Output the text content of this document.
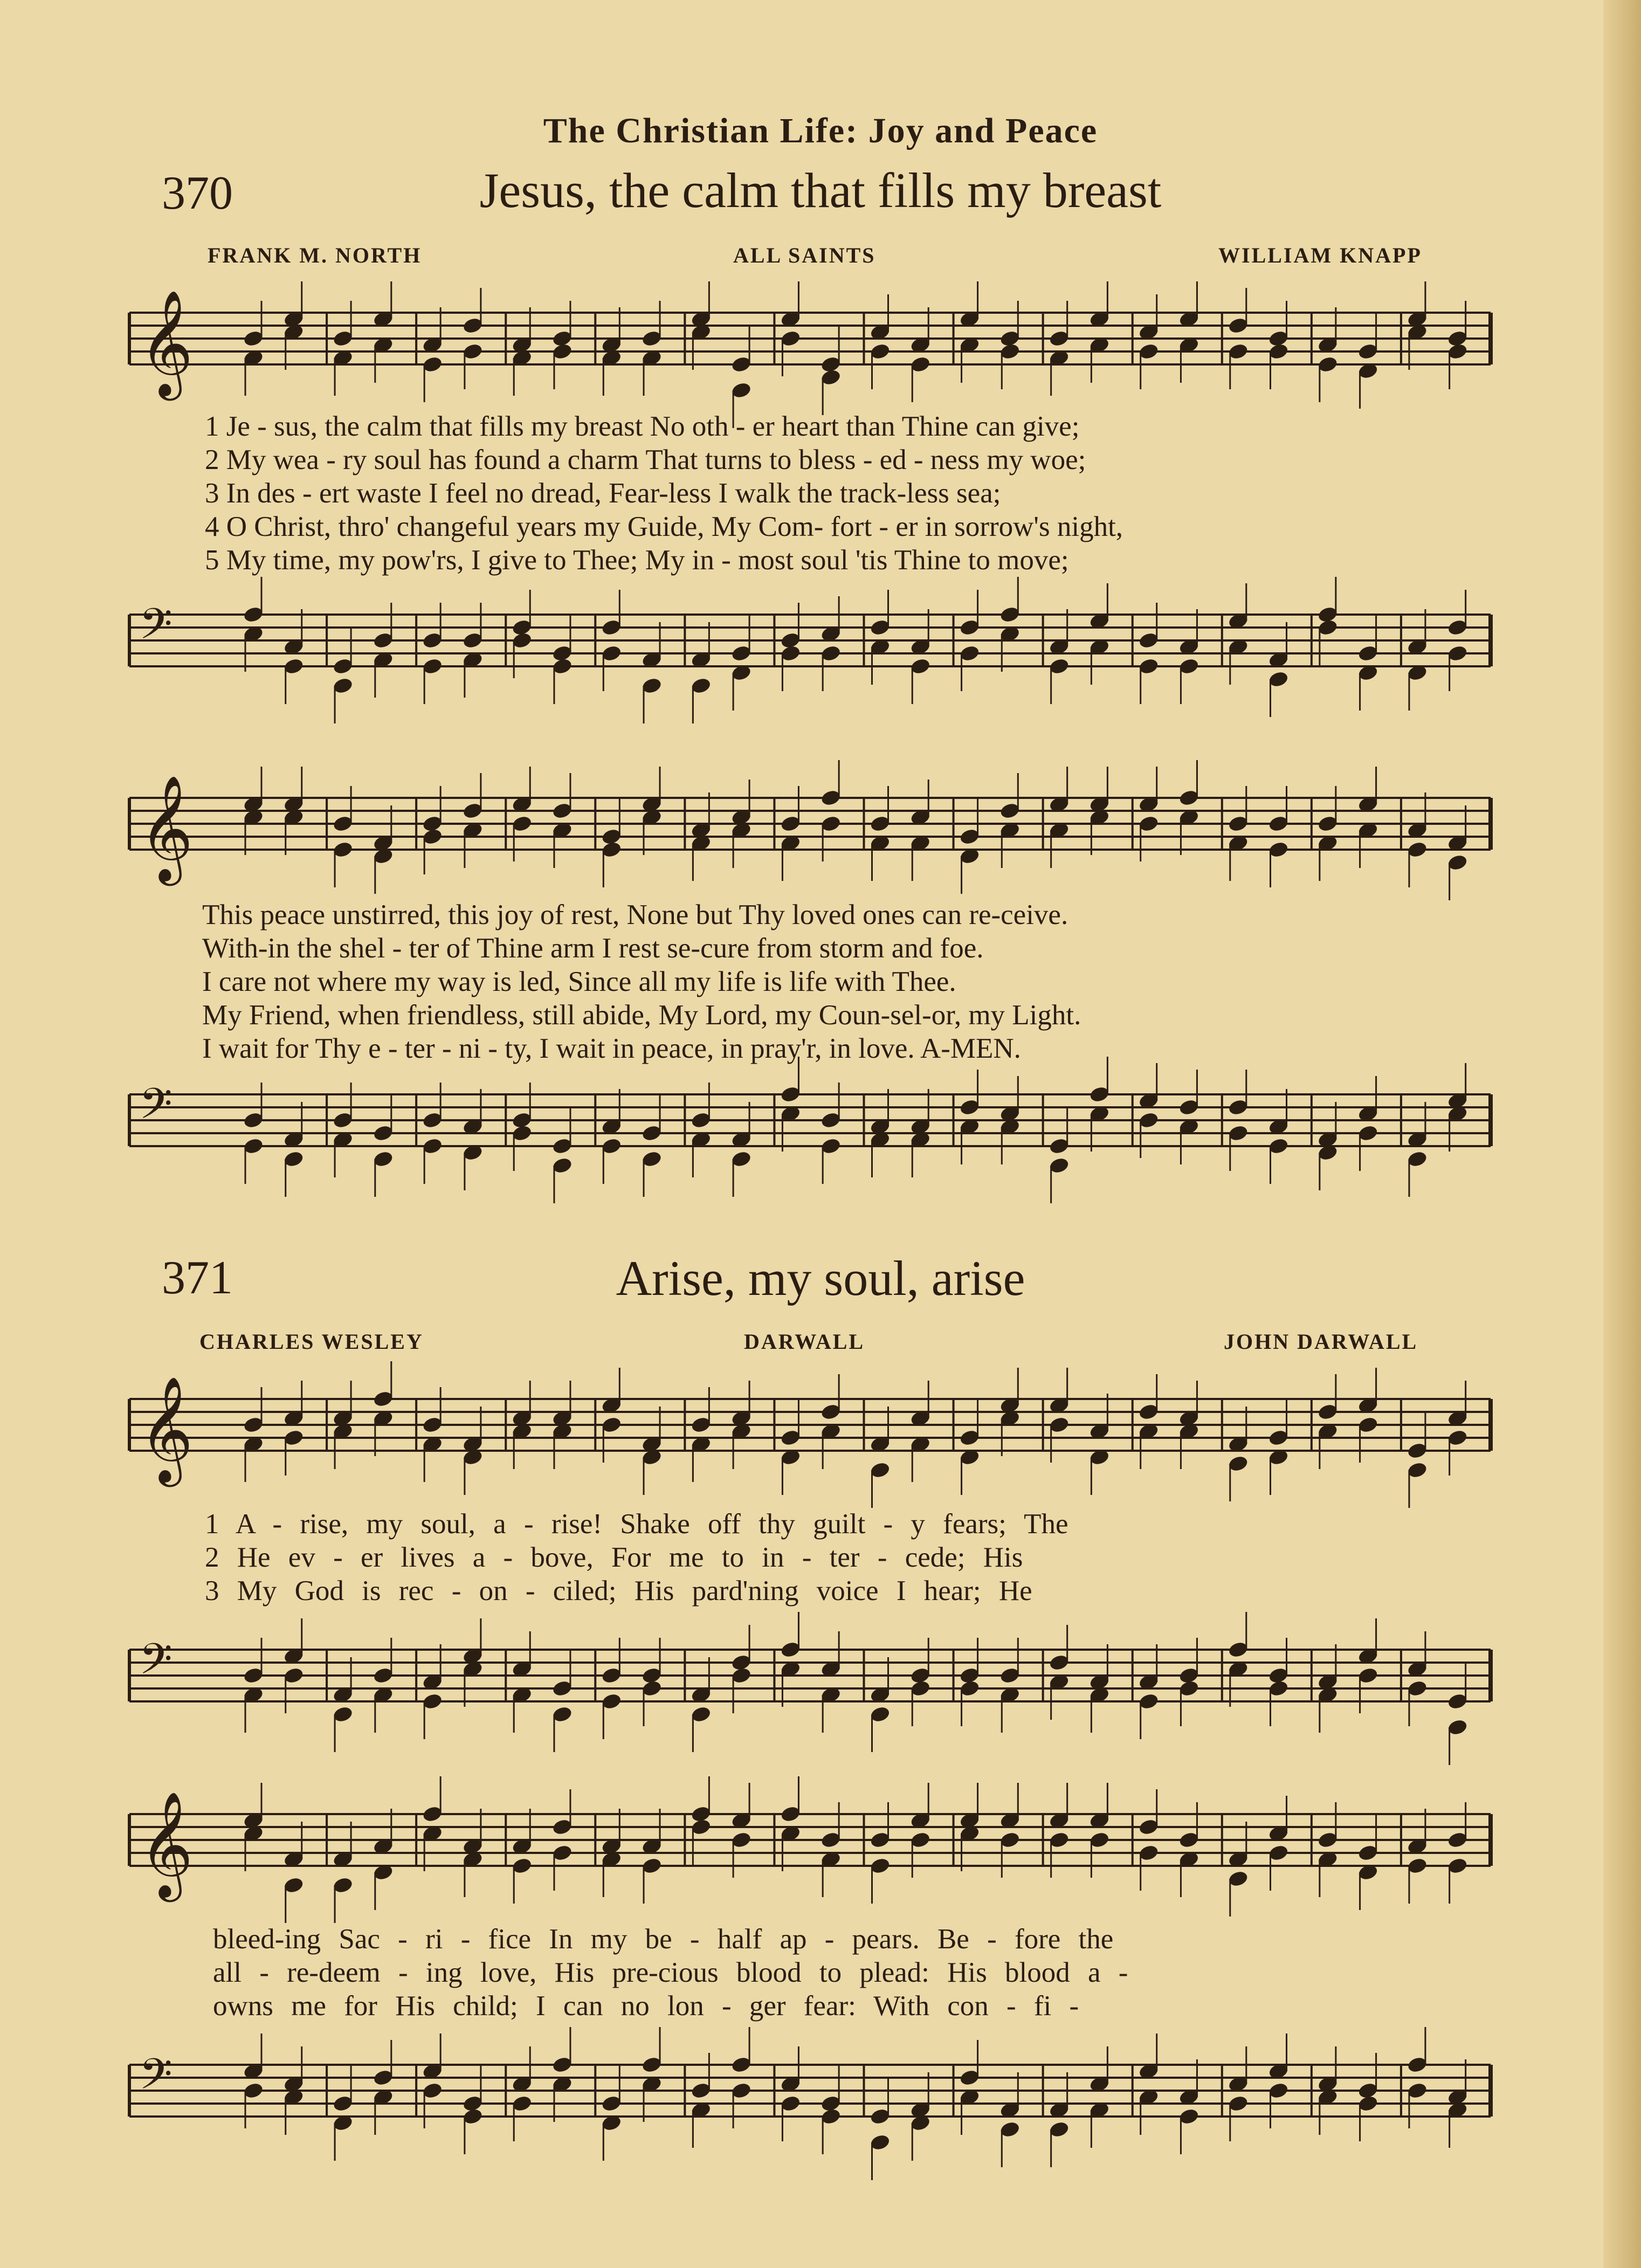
The Christian Life: Joy and Peace
370	Jesus, the calm that fills my breast
FRANK M. NORTH	ALL SAINTS	WILLIAM KNAPP
𝄞
1 Je - sus, the calm that fills my breast No oth - er heart than Thine can give;
2 My wea - ry soul has found a charm That turns to bless - ed - ness my woe;
3 In des - ert waste I feel no dread, Fear-less I walk the track-less sea;
4 O Christ, thro' changeful years my Guide, My Com- fort - er in sorrow's night,
5 My time, my pow'rs, I give to Thee; My in - most soul 'tis Thine to move;
𝄢
𝄞
This peace unstirred, this joy of rest, None but Thy loved ones can re-ceive.
With-in the shel - ter of Thine arm I rest se-cure from storm and foe.
I care not where my way is led, Since all my life is life with Thee.
My Friend, when friendless, still abide, My Lord, my Coun-sel-or, my Light.
I wait for Thy e - ter - ni - ty, I wait in peace, in pray'r, in love. A-MEN.
𝄢
371	Arise, my soul, arise
CHARLES WESLEY	DARWALL	JOHN DARWALL
𝄞
1 A - rise, my soul, a - rise! Shake off thy guilt - y fears; The
2 He ev - er lives a - bove, For me to in - ter - cede; His
3 My God is rec - on - ciled; His pard'ning voice I hear; He
𝄢
𝄞
bleed-ing Sac - ri - fice In my be - half ap - pears. Be - fore the
all - re-deem - ing love, His pre-cious blood to plead: His blood a -
owns me for His child; I can no lon - ger fear: With con - fi -
𝄢
